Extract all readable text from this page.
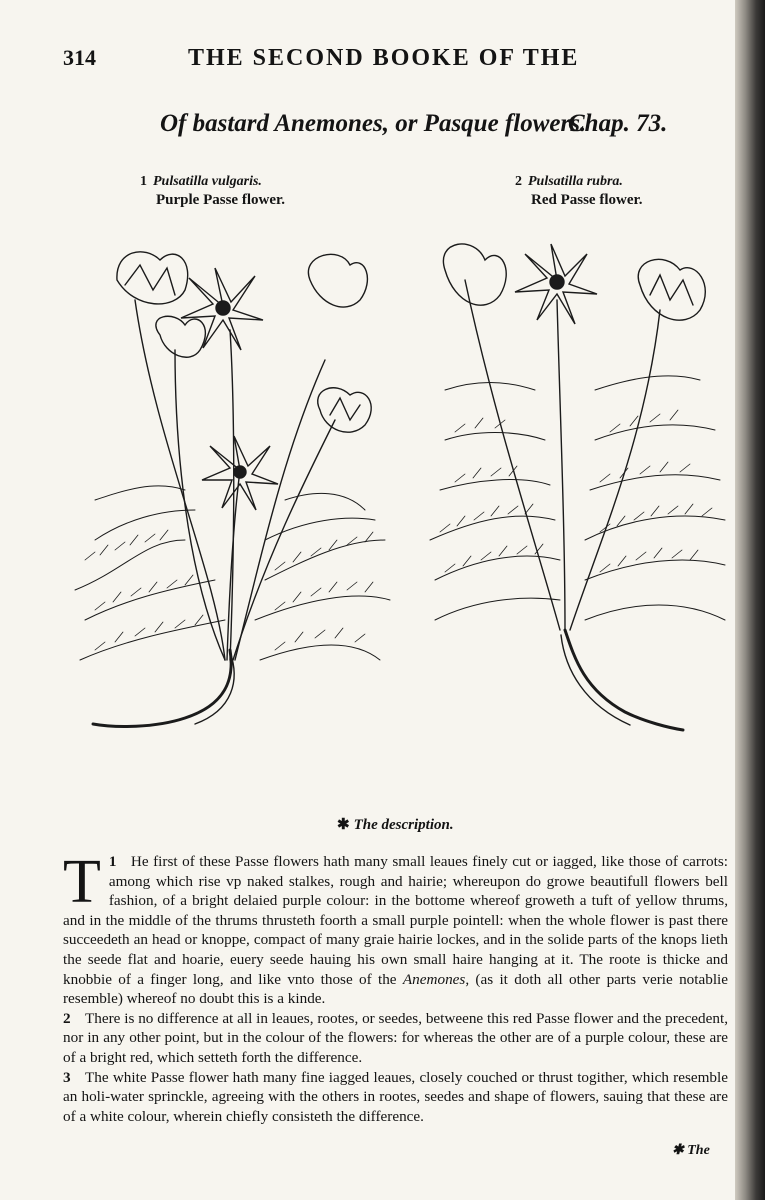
314	THE SECOND BOOKE OF THE
Of bastard Anemones, or Pasque flowers.
Chap. 73.
1 Pulsatilla vulgaris.
Purple Passe flower.
2 Pulsatilla rubra.
Red Passe flower.
✱ The description.

1
T He first of these Passe flowers hath many small leaues finely cut or iagged, like those of carrots: among which rise vp naked stalkes, rough and hairie; whereupon do growe beautifull flowers bell fashion, of a bright delaied purple colour: in the bottome whereof groweth a tuft of yellow thrums, and in the middle of the thrums thrusteth foorth a small purple pointell: when the whole flower is past there succeedeth an head or knoppe, compact of many graie hairie lockes, and in the solide parts of the knops lieth the seede flat and hoarie, euery seede hauing his own small haire hanging at it. The roote is thicke and knobbie of a finger long, and like vnto those of the Anemones, (as it doth all other parts verie notablie resemble) whereof no doubt this is a kinde.

2 There is no difference at all in leaues, rootes, or seedes, betweene this red Passe flower and the precedent, nor in any other point, but in the colour of the flowers: for whereas the other are of a purple colour, these are of a bright red, which setteth forth the difference.

3 The white Passe flower hath many fine iagged leaues, closely couched or thrust togither, which resemble an holi-water sprinckle, agreeing with the others in rootes, seedes and shape of flowers, sauing that these are of a white colour, wherein chiefly consisteth the difference.

✱ The
